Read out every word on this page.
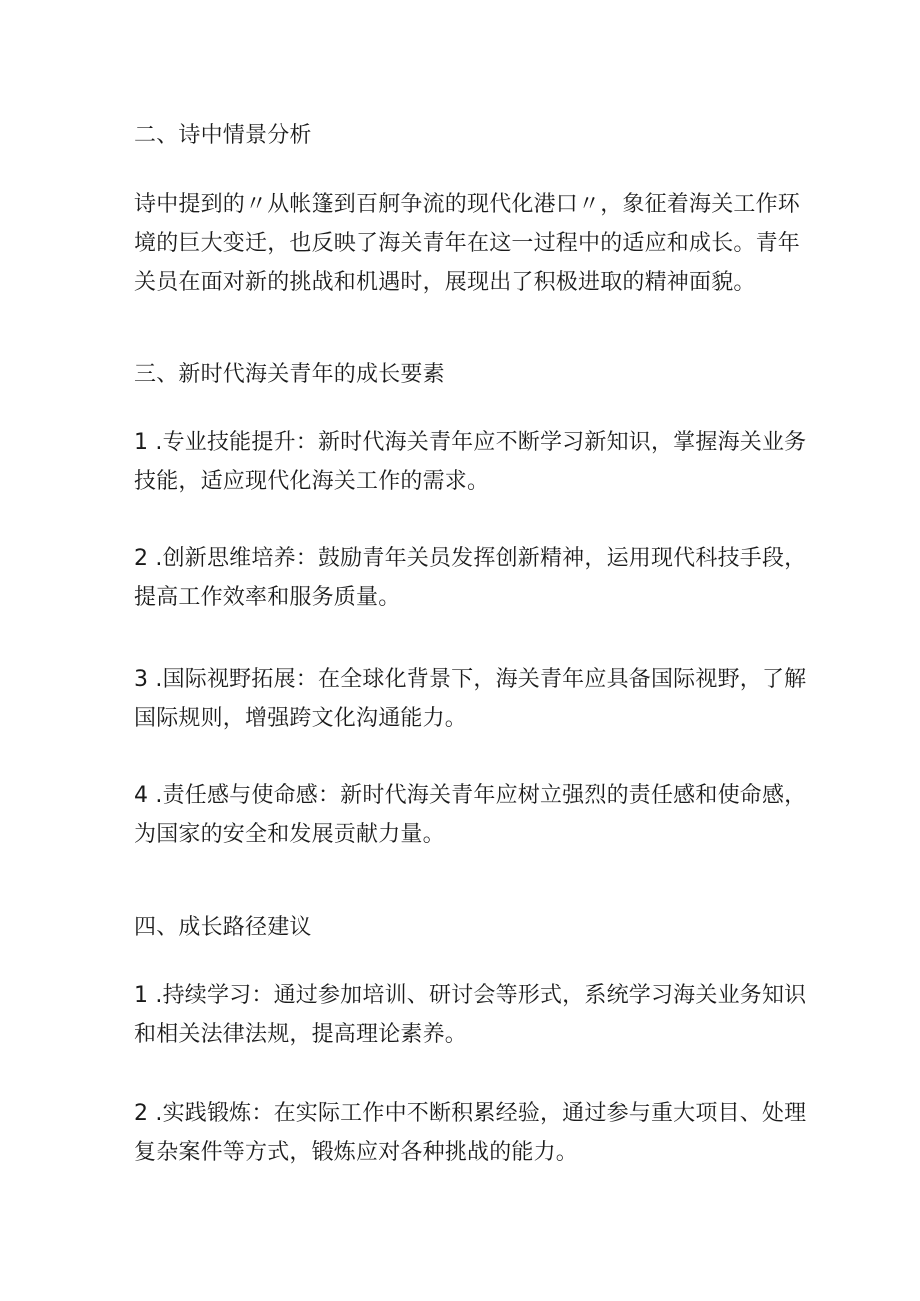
二、诗中情景分析
诗中提到的〃从帐篷到百舸争流的现代化港口〃，象征着海关工作环
境的巨大变迁，也反映了海关青年在这一过程中的适应和成长。青年
关员在面对新的挑战和机遇时，展现出了积极进取的精神面貌。
三、新时代海关青年的成长要素
1 .专业技能提升：新时代海关青年应不断学习新知识，掌握海关业务
技能，适应现代化海关工作的需求。
2 .创新思维培养：鼓励青年关员发挥创新精神，运用现代科技手段，
提高工作效率和服务质量。
3 .国际视野拓展：在全球化背景下，海关青年应具备国际视野，了解
国际规则，增强跨文化沟通能力。
4 .责任感与使命感：新时代海关青年应树立强烈的责任感和使命感，
为国家的安全和发展贡献力量。
四、成长路径建议
1 .持续学习：通过参加培训、研讨会等形式，系统学习海关业务知识
和相关法律法规，提高理论素养。
2 .实践锻炼：在实际工作中不断积累经验，通过参与重大项目、处理
复杂案件等方式，锻炼应对各种挑战的能力。
